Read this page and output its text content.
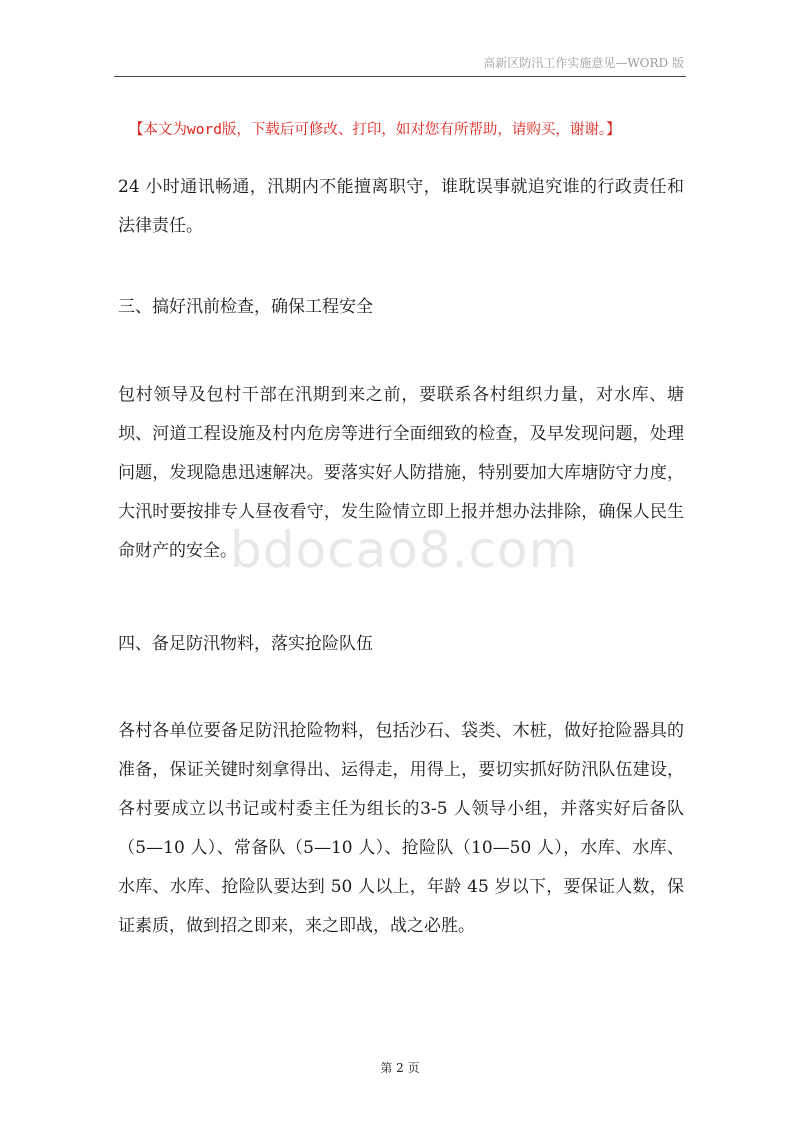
高新区防汛工作实施意见—WORD 版
【本文为word版，下载后可修改、打印，如对您有所帮助，请购买，谢谢。】

24 小时通讯畅通，汛期内不能擅离职守，谁耽误事就追究谁的行政责任和法律责任。

三、搞好汛前检查，确保工程安全

包村领导及包村干部在汛期到来之前，要联系各村组织力量，对水库、塘坝、河道工程设施及村内危房等进行全面细致的检查，及早发现问题，处理问题，发现隐患迅速解决。要落实好人防措施，特别要加大库塘防守力度，大汛时要按排专人昼夜看守，发生险情立即上报并想办法排除，确保人民生命财产的安全。

bdocao8.com

四、备足防汛物料，落实抢险队伍

各村各单位要备足防汛抢险物料，包括沙石、袋类、木桩，做好抢险器具的准备，保证关键时刻拿得出、运得走，用得上，要切实抓好防汛队伍建设，各村要成立以书记或村委主任为组长的3-5 人领导小组，并落实好后备队（5—10 人）、常备队（5—10 人）、抢险队（10—50 人），水库、水库、水库、水库、抢险队要达到 50 人以上，年龄 45 岁以下，要保证人数，保证素质，做到招之即来，来之即战，战之必胜。

第 2 页
